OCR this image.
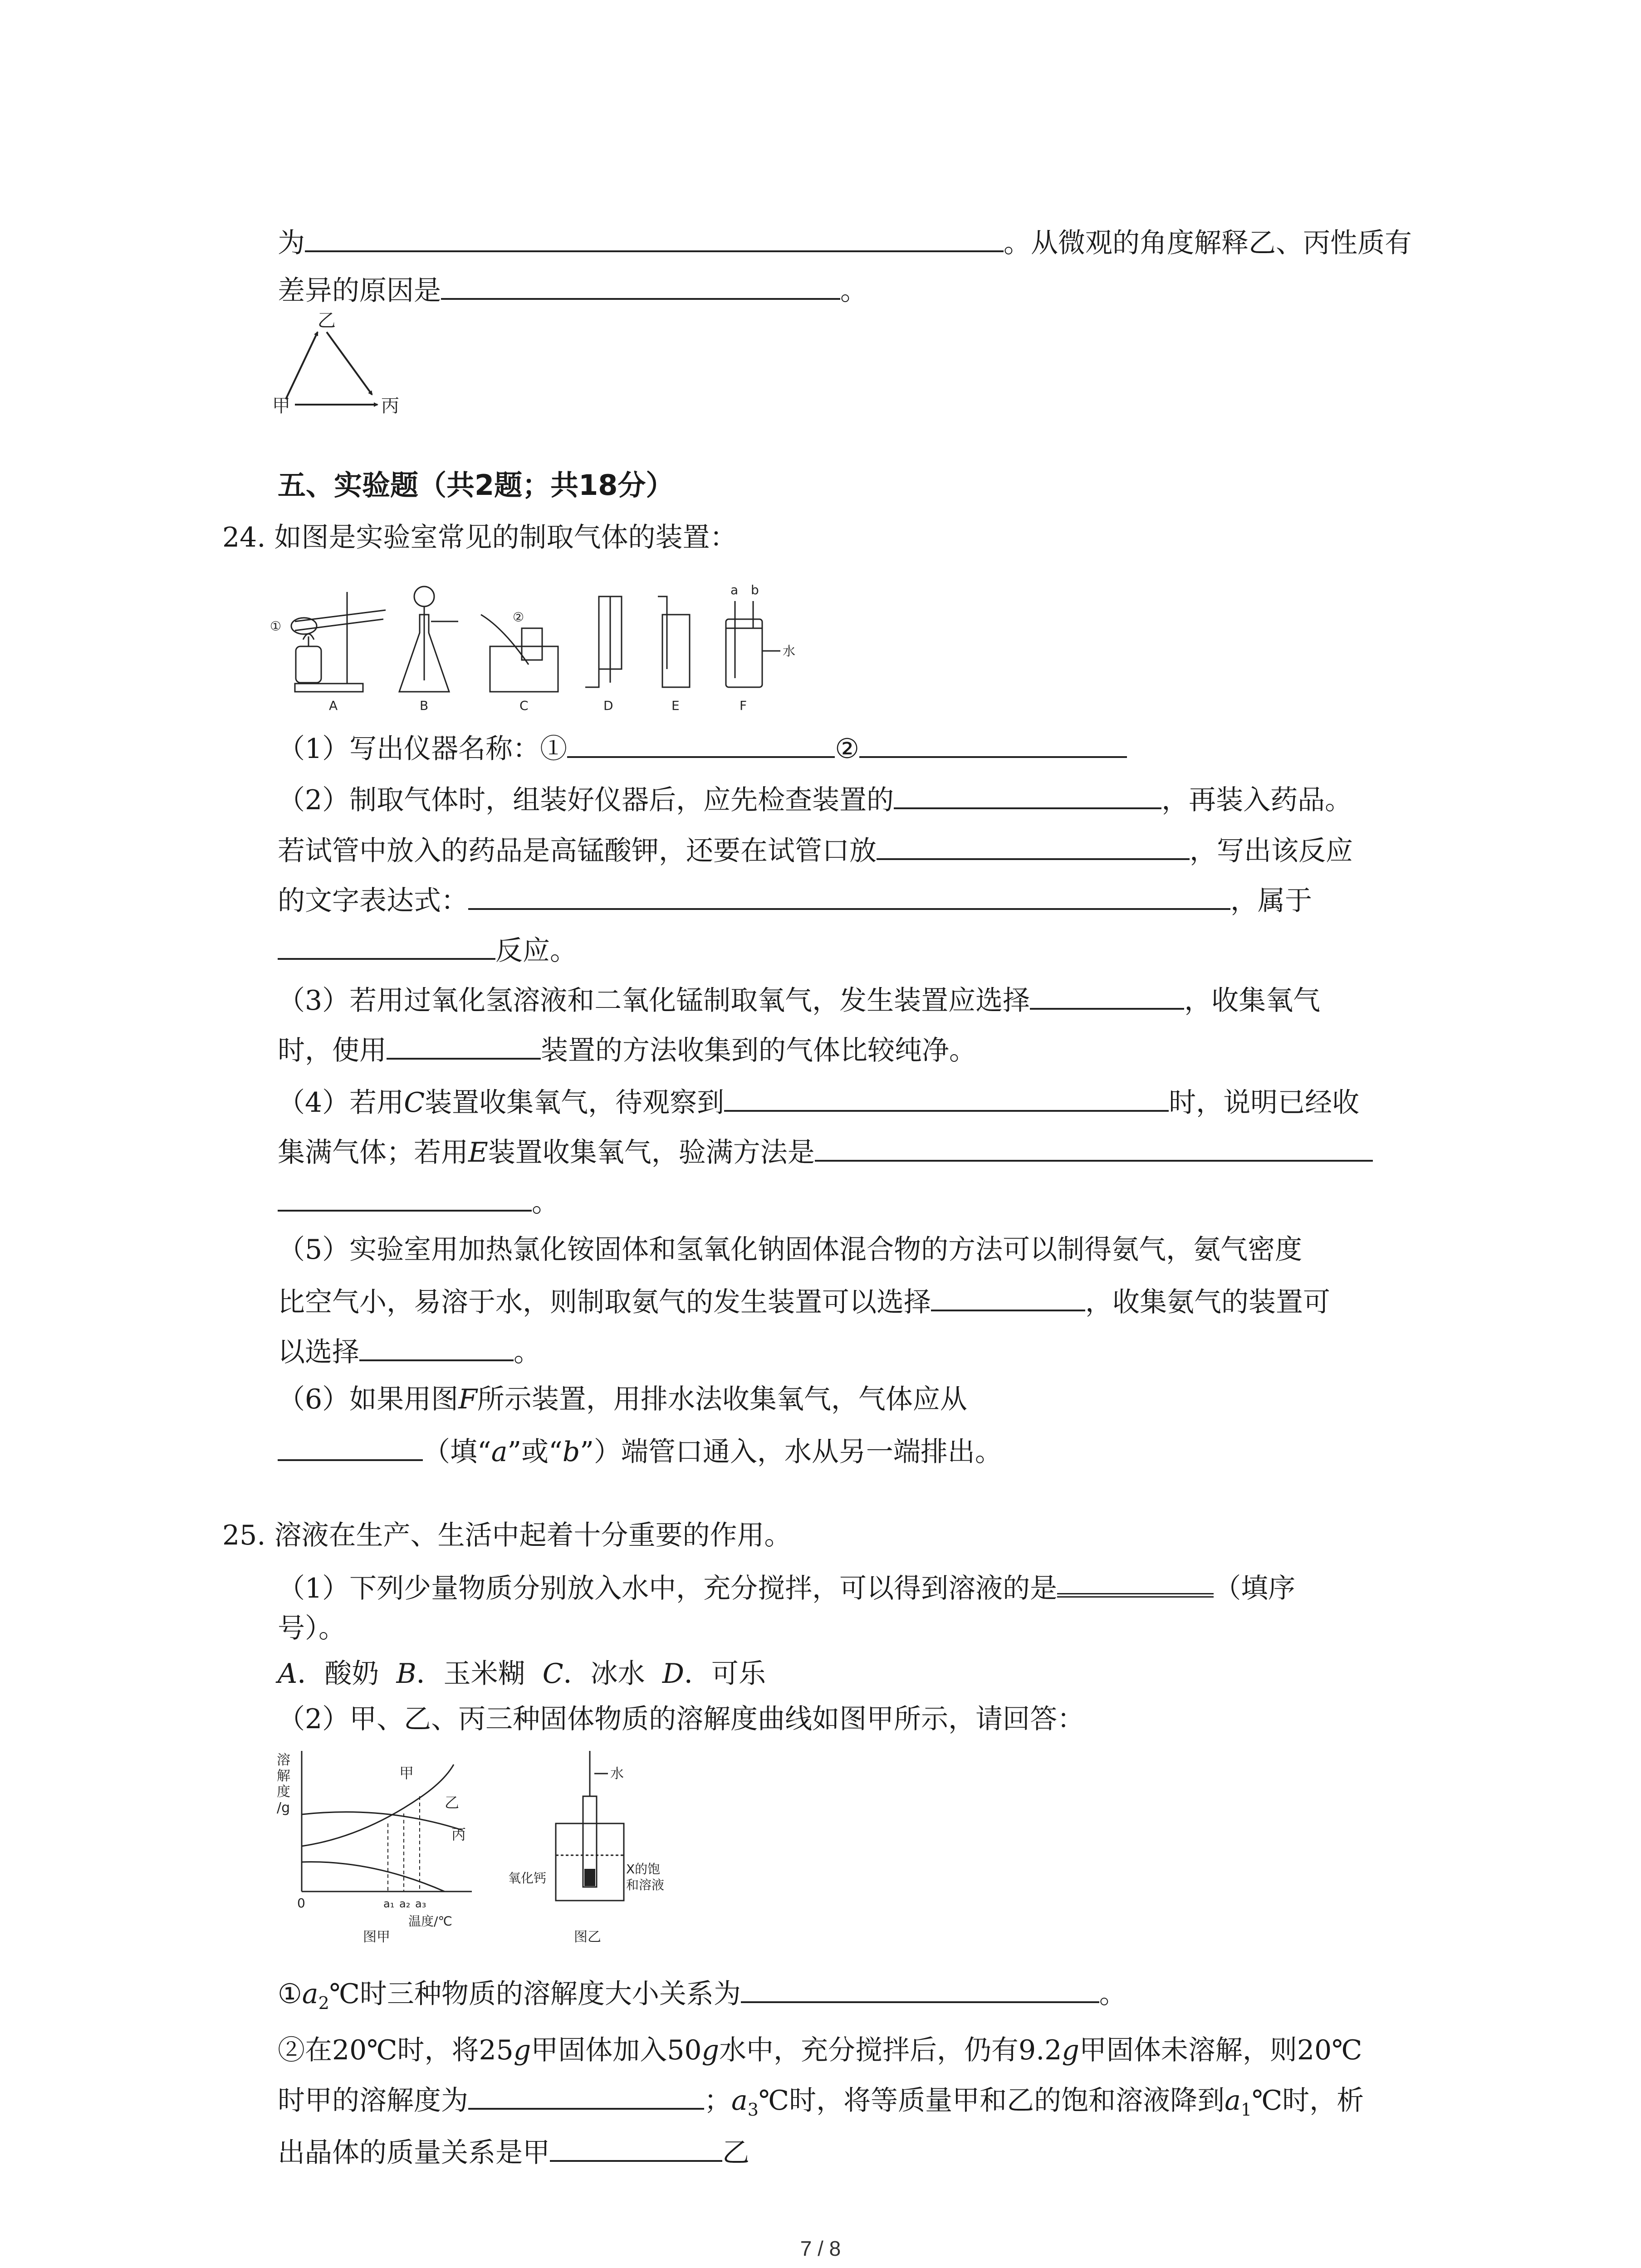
为	。从微观的角度解释乙、丙性质有
差异的原因是	。
乙
甲	丙
五、实验题（共2题；共18分）
24. 如图是实验室常见的制取气体的装置：
①
②
a b
水
A	B	C	D	E	F
（1）写出仪器名称：①	②
（2）制取气体时，组装好仪器后，应先检查装置的	，再装入药品。
若试管中放入的药品是高锰酸钾，还要在试管口放	，写出该反应
的文字表达式：	，属于
反应。
（3）若用过氧化氢溶液和二氧化锰制取氧气，发生装置应选择	，收集氧气
时，使用	装置的方法收集到的气体比较纯净。
（4）若用C装置收集氧气，待观察到	时，说明已经收
集满气体；若用E装置收集氧气，验满方法是
。
（5）实验室用加热氯化铵固体和氢氧化钠固体混合物的方法可以制得氨气，氨气密度
比空气小，易溶于水，则制取氨气的发生装置可以选择	，收集氨气的装置可
以选择	。
（6）如果用图F所示装置，用排水法收集氧气，气体应从
（填“a”或“b”）端管口通入，水从另一端排出。
25. 溶液在生产、生活中起着十分重要的作用。
（1）下列少量物质分别放入水中，充分搅拌，可以得到溶液的是	（填序
号）。
A．酸奶 B．玉米糊 C．冰水 D．可乐
（2）甲、乙、丙三种固体物质的溶解度曲线如图甲所示，请回答：
溶
解
度
/g
0	a₁ a₂ a₃
温度/℃
甲
乙
丙
图甲
水
氧化钙
X的饱
和溶液
图乙
$①a_2℃$时三种物质的溶解度大小关系为	。
②在20℃时，将25g甲固体加入50g水中，充分搅拌后，仍有9.2g甲固体未溶解，则20℃
时甲的溶解度为	；$a_3℃$时，将等质量甲和乙的饱和溶液降到$a_1℃$时，析
出晶体的质量关系是甲	乙
7 / 8
